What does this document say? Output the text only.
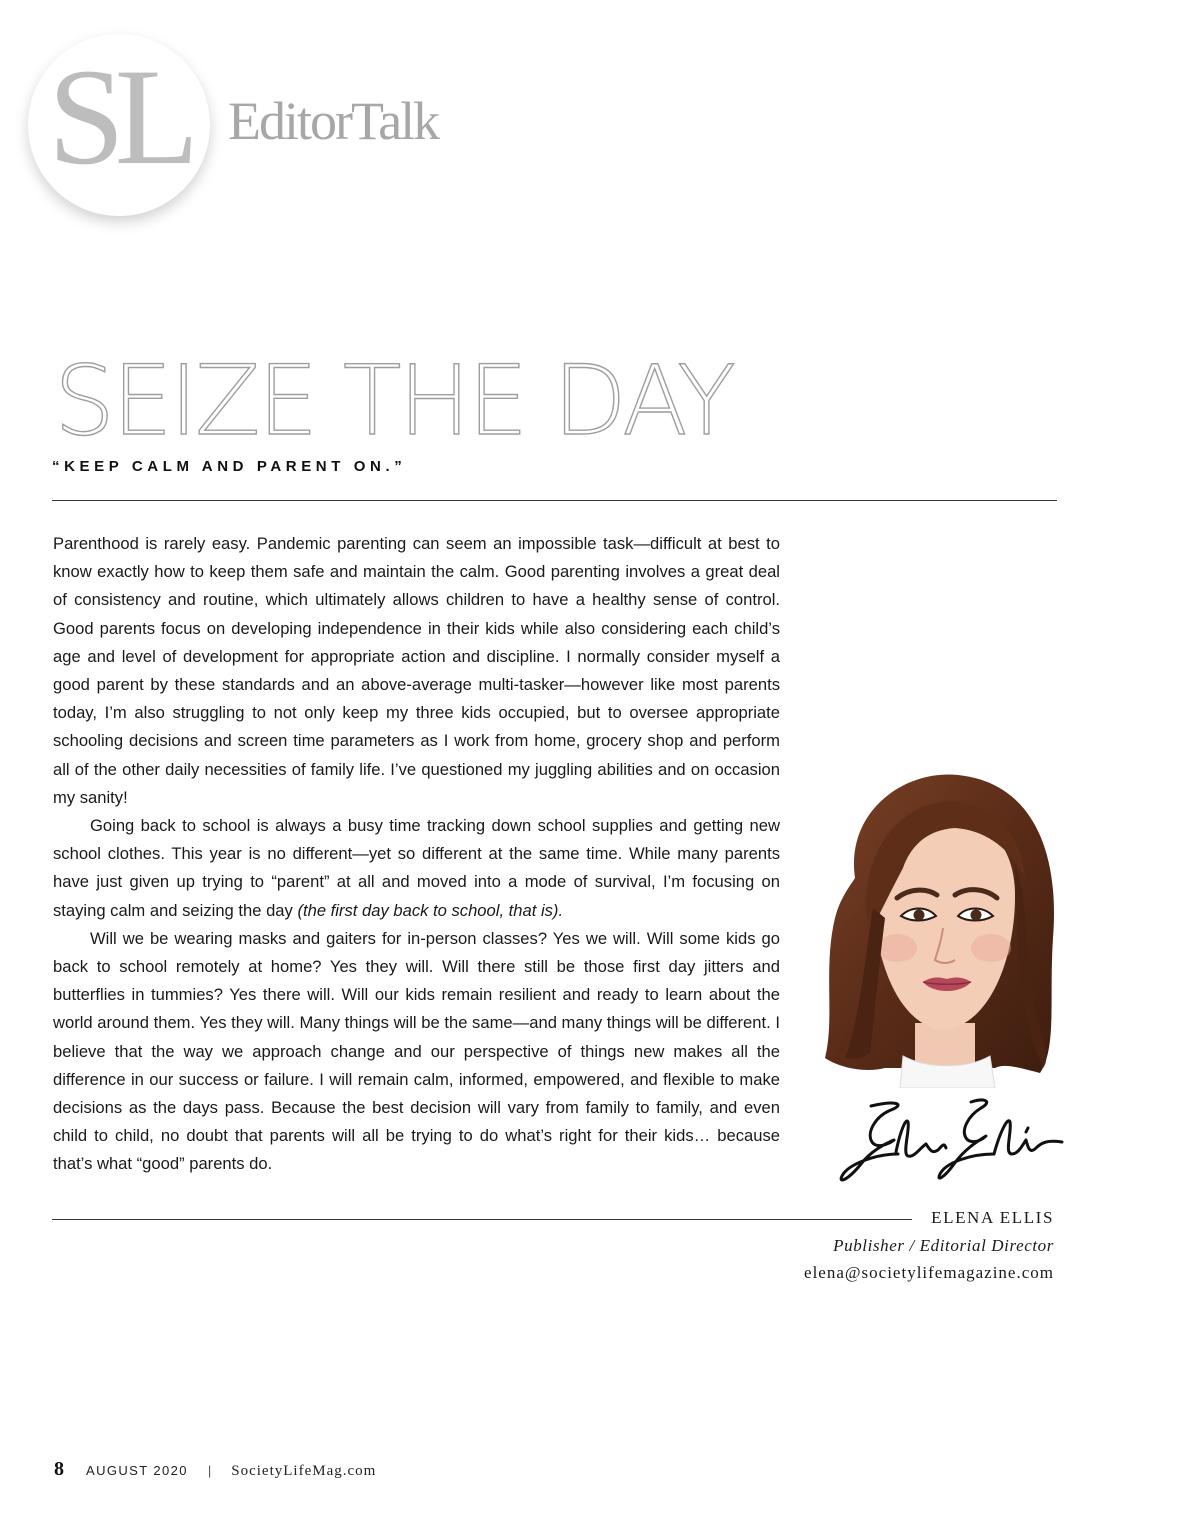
SL EditorTalk
SEIZE THE DAY
“KEEP CALM AND PARENT ON.”

Parenthood is rarely easy. Pandemic parenting can seem an impossible task—difficult at best to know exactly how to keep them safe and maintain the calm. Good parenting involves a great deal of consistency and routine, which ultimately allows children to have a healthy sense of control. Good parents focus on developing independence in their kids while also considering each child’s age and level of development for appropriate action and discipline. I normally consider myself a good parent by these standards and an above-average multi-tasker—however like most parents today, I’m also struggling to not only keep my three kids occupied, but to oversee appropriate schooling decisions and screen time parameters as I work from home, grocery shop and perform all of the other daily necessities of family life. I’ve questioned my juggling abilities and on occasion my sanity!

Going back to school is always a busy time tracking down school supplies and getting new school clothes. This year is no different—yet so different at the same time. While many parents have just given up trying to “parent” at all and moved into a mode of survival, I’m focusing on staying calm and seizing the day (the first day back to school, that is).

Will we be wearing masks and gaiters for in-person classes? Yes we will. Will some kids go back to school remotely at home? Yes they will. Will there still be those first day jitters and butterflies in tummies? Yes there will. Will our kids remain resilient and ready to learn about the world around them. Yes they will. Many things will be the same—and many things will be different. I believe that the way we approach change and our perspective of things new makes all the difference in our success or failure. I will remain calm, informed, empowered, and flexible to make decisions as the days pass. Because the best decision will vary from family to family, and even child to child, no doubt that parents will all be trying to do what’s right for their kids… because that’s what “good” parents do.

ELENA ELLIS
Publisher / Editorial Director
elena@societylifemagazine.com
8 AUGUST 2020 | SocietyLifeMag.com
